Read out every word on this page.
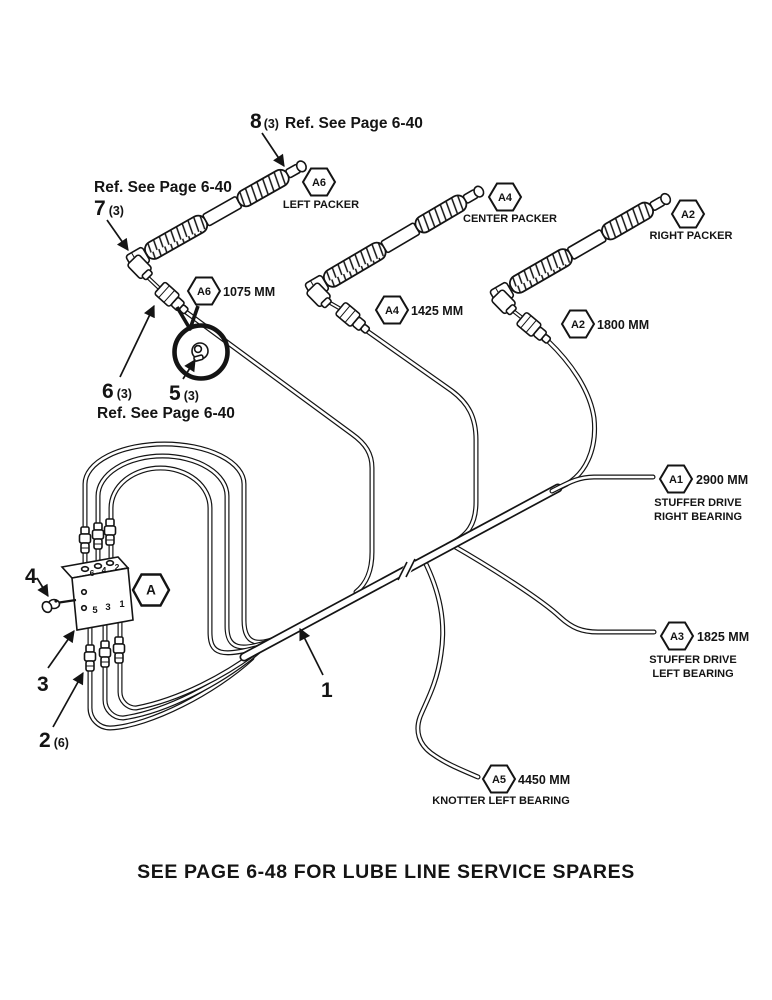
6 4 2
5 3 1
A6
LEFT PACKER
A4
CENTER PACKER	A2
RIGHT PACKER
A6 1075 MM
A4 1425 MM
A2 1800 MM
A1 2900 MM
STUFFER DRIVE
RIGHT BEARING
A3 1825 MM
STUFFER DRIVE
LEFT BEARING
A5 4450 MM
KNOTTER LEFT BEARING
A
8 (3) Ref. See Page 6-40
Ref. See Page 6-40
7 (3)
6 (3) 5 (3)
Ref. See Page 6-40
4
3
2 (6)
1
SEE PAGE 6-48 FOR LUBE LINE SERVICE SPARES
